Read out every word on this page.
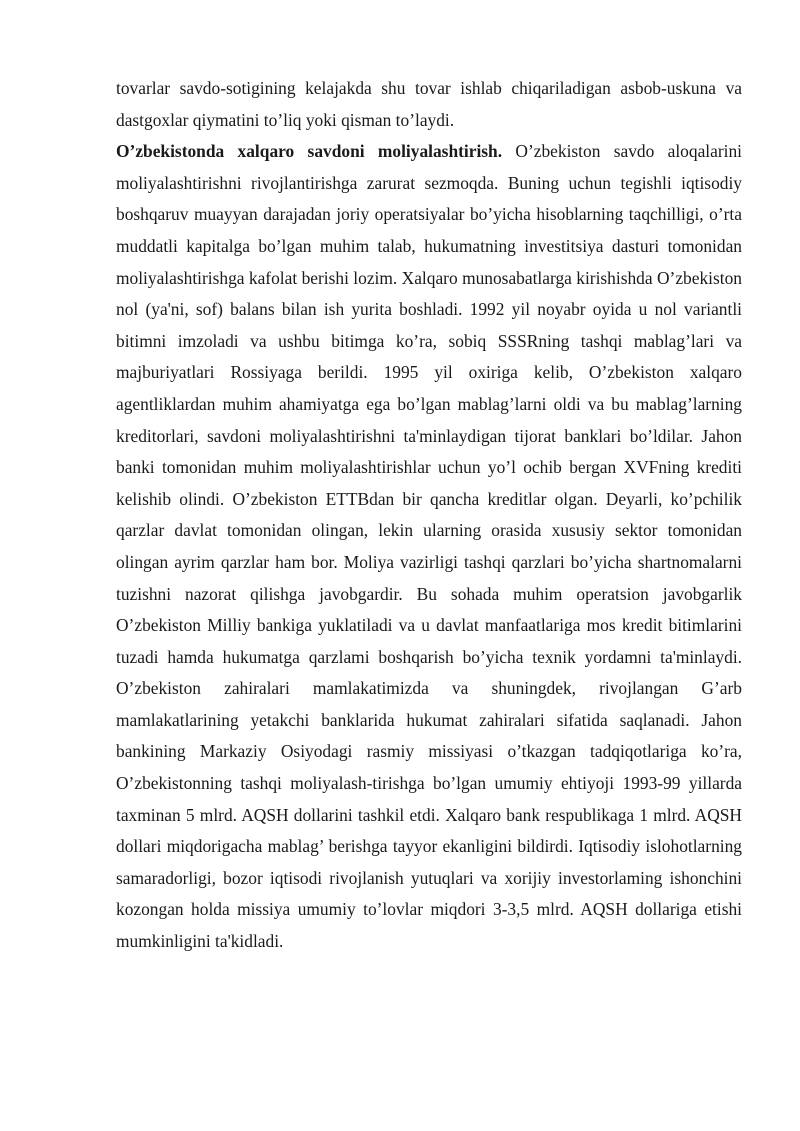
tovarlar savdo-sotigining kelajakda shu tovar ishlab chiqariladigan asbob-uskuna va dastgoxlar qiymatini to’liq yoki qisman to’laydi.

O’zbekistonda xalqaro savdoni moliyalashtirish. O’zbekiston savdo aloqalarini moliyalashtirishni rivojlantirishga zarurat sezmoqda. Buning uchun tegishli iqtisodiy boshqaruv muayyan darajadan joriy operatsiyalar bo’yicha hisoblarning taqchilligi, o’rta muddatli kapitalga bo’lgan muhim talab, hukumatning investitsiya dasturi tomonidan moliyalashtirishga kafolat berishi lozim. Xalqaro munosabatlarga kirishishda O’zbekiston nol (ya'ni, sof) balans bilan ish yurita boshladi. 1992 yil noyabr oyida u nol variantli bitimni imzoladi va ushbu bitimga ko’ra, sobiq SSSRning tashqi mablag’lari va majburiyatlari Rossiyaga berildi. 1995 yil oxiriga kelib, O’zbekiston xalqaro agentliklardan muhim ahamiyatga ega bo’lgan mablag’larni oldi va bu mablag’larning kreditorlari, savdoni moliyalashtirishni ta'minlaydigan tijorat banklari bo’ldilar. Jahon banki tomonidan muhim moliyalashtirishlar uchun yo’l ochib bergan XVFning krediti kelishib olindi. O’zbekiston ETTBdan bir qancha kreditlar olgan. Deyarli, ko’pchilik qarzlar davlat tomonidan olingan, lekin ularning orasida xususiy sektor tomonidan olingan ayrim qarzlar ham bor. Moliya vazirligi tashqi qarzlari bo’yicha shartnomalarni tuzishni nazorat qilishga javobgardir. Bu sohada muhim operatsion javobgarlik O’zbekiston Milliy bankiga yuklatiladi va u davlat manfaatlariga mos kredit bitimlarini tuzadi hamda hukumatga qarzlami boshqarish bo’yicha texnik yordamni ta'minlaydi. O’zbekiston zahiralari mamlakatimizda va shuningdek, rivojlangan G’arb mamlakatlarining yetakchi banklarida hukumat zahiralari sifatida saqlanadi. Jahon bankining Markaziy Osiyodagi rasmiy missiyasi o’tkazgan tadqiqotlariga ko’ra, O’zbekistonning tashqi moliyalash-tirishga bo’lgan umumiy ehtiyoji 1993-99 yillarda taxminan 5 mlrd. AQSH dollarini tashkil etdi. Xalqaro bank respublikaga 1 mlrd. AQSH dollari miqdorigacha mablag’ berishga tayyor ekanligini bildirdi. Iqtisodiy islohotlarning samaradorligi, bozor iqtisodi rivojlanish yutuqlari va xorijiy investorlaming ishonchini kozongan holda missiya umumiy to’lovlar miqdori 3-3,5 mlrd. AQSH dollariga etishi mumkinligini ta'kidladi.
